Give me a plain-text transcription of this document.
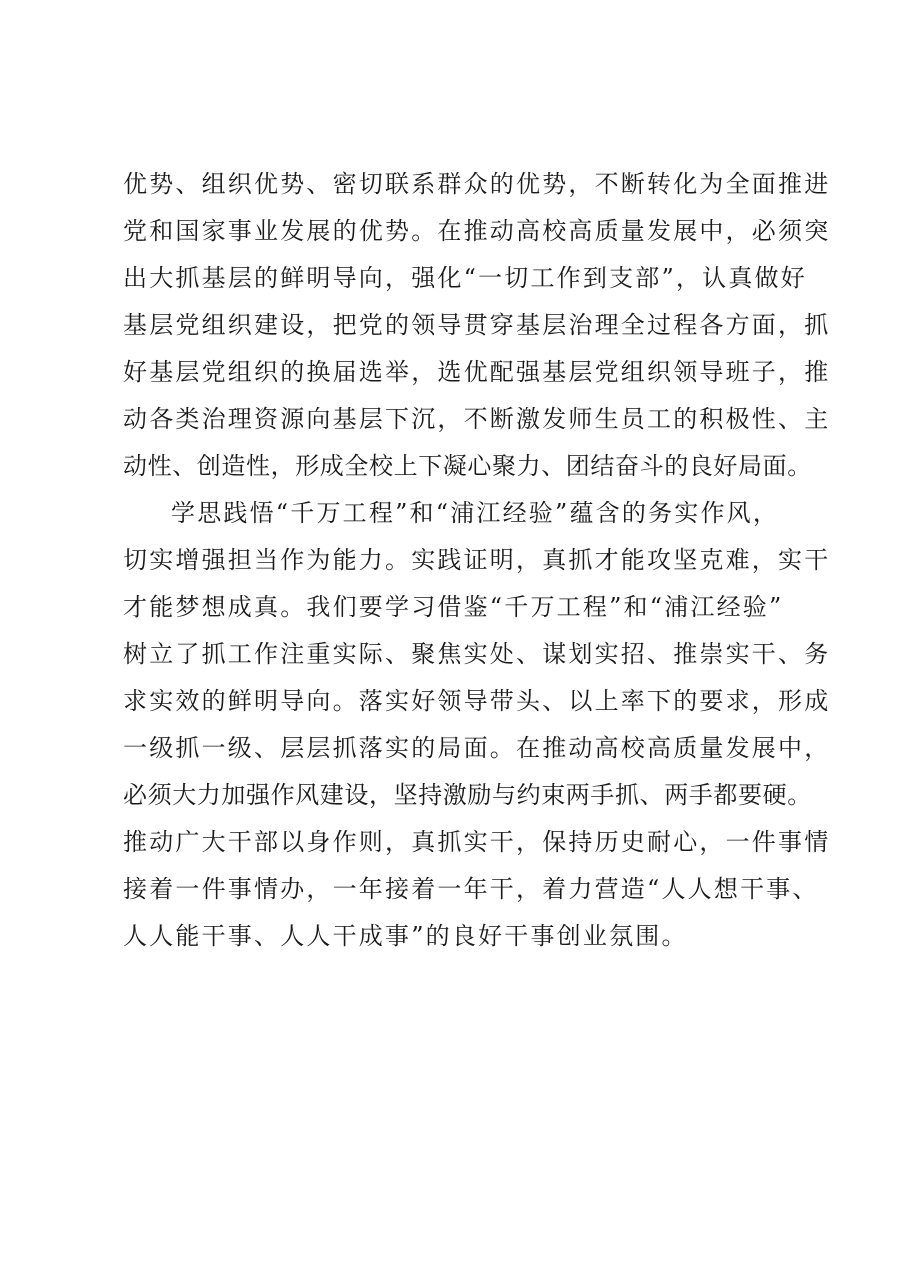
优势、组织优势、密切联系群众的优势，不断转化为全面推进
党和国家事业发展的优势。在推动高校高质量发展中，必须突
出大抓基层的鲜明导向，强化“一切工作到支部”，认真做好
基层党组织建设，把党的领导贯穿基层治理全过程各方面，抓
好基层党组织的换届选举，选优配强基层党组织领导班子，推
动各类治理资源向基层下沉，不断激发师生员工的积极性、主
动性、创造性，形成全校上下凝心聚力、团结奋斗的良好局面。
学思践悟“千万工程”和“浦江经验”蕴含的务实作风，
切实增强担当作为能力。实践证明，真抓才能攻坚克难，实干
才能梦想成真。我们要学习借鉴“千万工程”和“浦江经验”
树立了抓工作注重实际、聚焦实处、谋划实招、推崇实干、务
求实效的鲜明导向。落实好领导带头、以上率下的要求，形成
一级抓一级、层层抓落实的局面。在推动高校高质量发展中，
必须大力加强作风建设，坚持激励与约束两手抓、两手都要硬。
推动广大干部以身作则，真抓实干，保持历史耐心，一件事情
接着一件事情办，一年接着一年干，着力营造“人人想干事、
人人能干事、人人干成事”的良好干事创业氛围。
